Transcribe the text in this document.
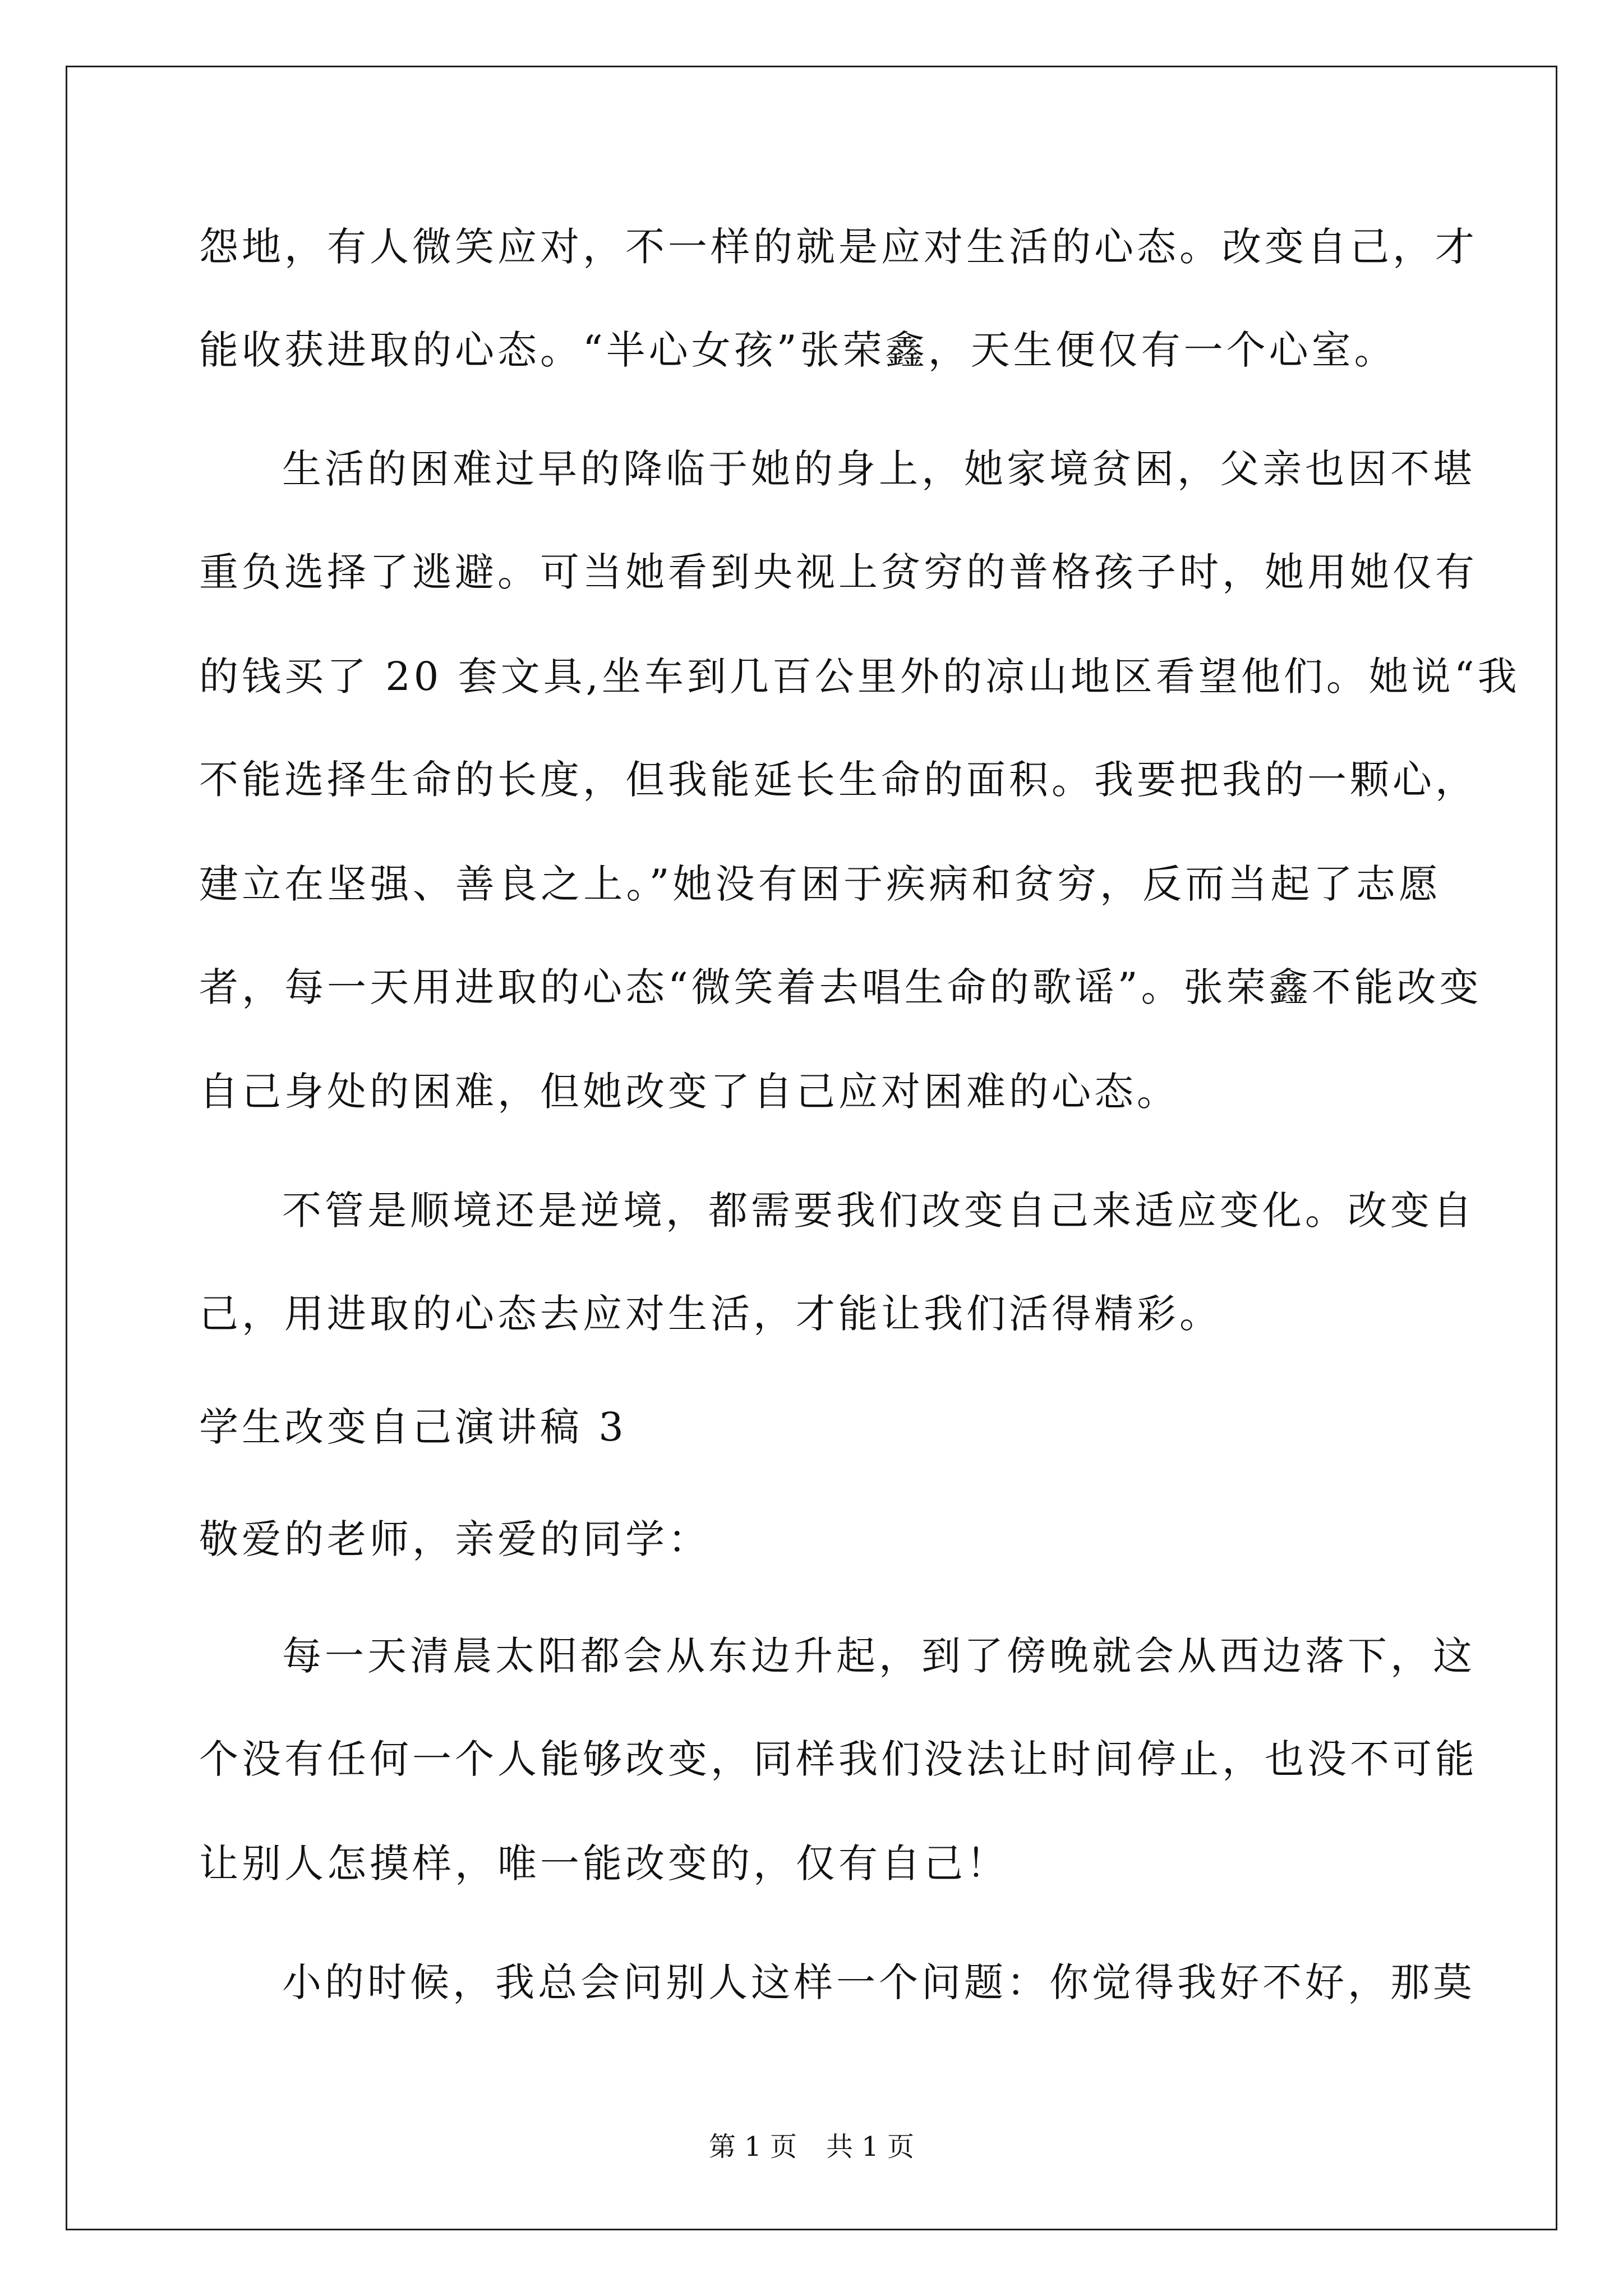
怨地，有人微笑应对，不一样的就是应对生活的心态。改变自己，才
能收获进取的心态。“半心女孩”张荣鑫，天生便仅有一个心室。
生活的困难过早的降临于她的身上，她家境贫困，父亲也因不堪
重负选择了逃避。可当她看到央视上贫穷的普格孩子时，她用她仅有
的钱买了 20 套文具,坐车到几百公里外的凉山地区看望他们。她说“我
不能选择生命的长度，但我能延长生命的面积。我要把我的一颗心，
建立在坚强、善良之上。”她没有困于疾病和贫穷，反而当起了志愿
者，每一天用进取的心态“微笑着去唱生命的歌谣”。张荣鑫不能改变
自己身处的困难，但她改变了自己应对困难的心态。
不管是顺境还是逆境，都需要我们改变自己来适应变化。改变自
己，用进取的心态去应对生活，才能让我们活得精彩。
学生改变自己演讲稿 3
敬爱的老师，亲爱的同学：
每一天清晨太阳都会从东边升起，到了傍晚就会从西边落下，这
个没有任何一个人能够改变，同样我们没法让时间停止，也没不可能
让别人怎摸样，唯一能改变的，仅有自己！
小的时候，我总会问别人这样一个问题：你觉得我好不好，那莫
第 1 页 共 1 页
